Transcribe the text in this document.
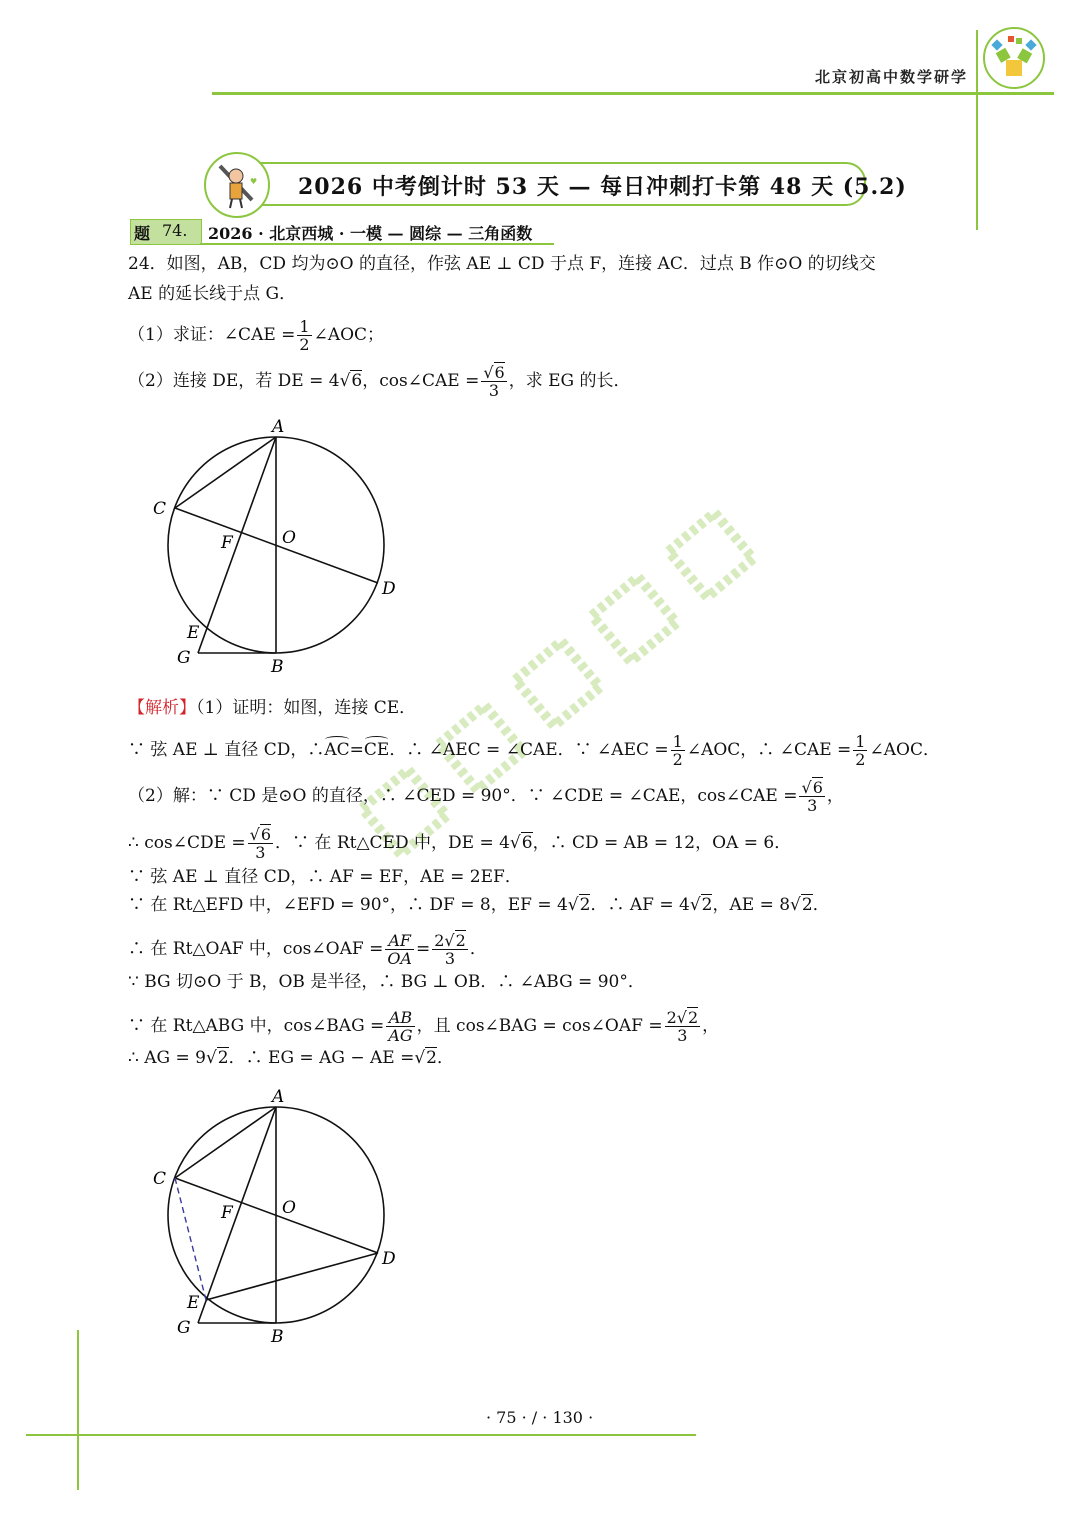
北京初高中数学研学
2026 中考倒计时 53 天 — 每日冲刺打卡第 48 天 (5.2)
♥
题 74. 2026 · 北京西城 · 一模 — 圆综 — 三角函数
24．如图，AB，CD 均为⊙O 的直径，作弦 AE ⊥ CD 于点 F，连接 AC．过点 B 作⊙O 的切线交
AE 的延长线于点 G．
（1）求证：∠CAE = $\frac{1}{2}$ ∠AOC；
（2）连接 DE，若 DE = 4√6，cos∠CAE = $\frac{√6}{3}$ ，求 EG 的长．
A
C
F	O
D
E
G	B
【解析】（1）证明：如图，连接 CE．
∵ 弦 AE ⊥ 直径 CD，∴AC=CE．∴ ∠AEC = ∠CAE．∵ ∠AEC = $\frac{1}{2}$ ∠AOC，∴ ∠CAE = $\frac{1}{2}$ ∠AOC．
（2）解：∵ CD 是⊙O 的直径，∴ ∠CED = 90°．∵ ∠CDE = ∠CAE，cos∠CAE = $\frac{√6}{3}$ ，
∴ cos∠CDE = $\frac{√6}{3}$ ．∵ 在 Rt△CED 中，DE = 4√6，∴ CD = AB = 12，OA = 6．
∵ 弦 AE ⊥ 直径 CD，∴ AF = EF，AE = 2EF．
∵ 在 Rt△EFD 中，∠EFD = 90°，∴ DF = 8，EF = 4√2．∴ AF = 4√2，AE = 8√2．
∴ 在 Rt△OAF 中，cos∠OAF = $\frac{AF}{OA} = \frac{2√2}{3}$ ．
∵ BG 切⊙O 于 B，OB 是半径，∴ BG ⊥ OB．∴ ∠ABG = 90°．
∵ 在 Rt△ABG 中，cos∠BAG = $\frac{AB}{AG}$ ，且 cos∠BAG = cos∠OAF = $\frac{2√2}{3}$ ，
∴ AG = 9√2．∴ EG = AG − AE =√2．
A
C
F	O
D
E
G	B
· 75 · / · 130 ·
